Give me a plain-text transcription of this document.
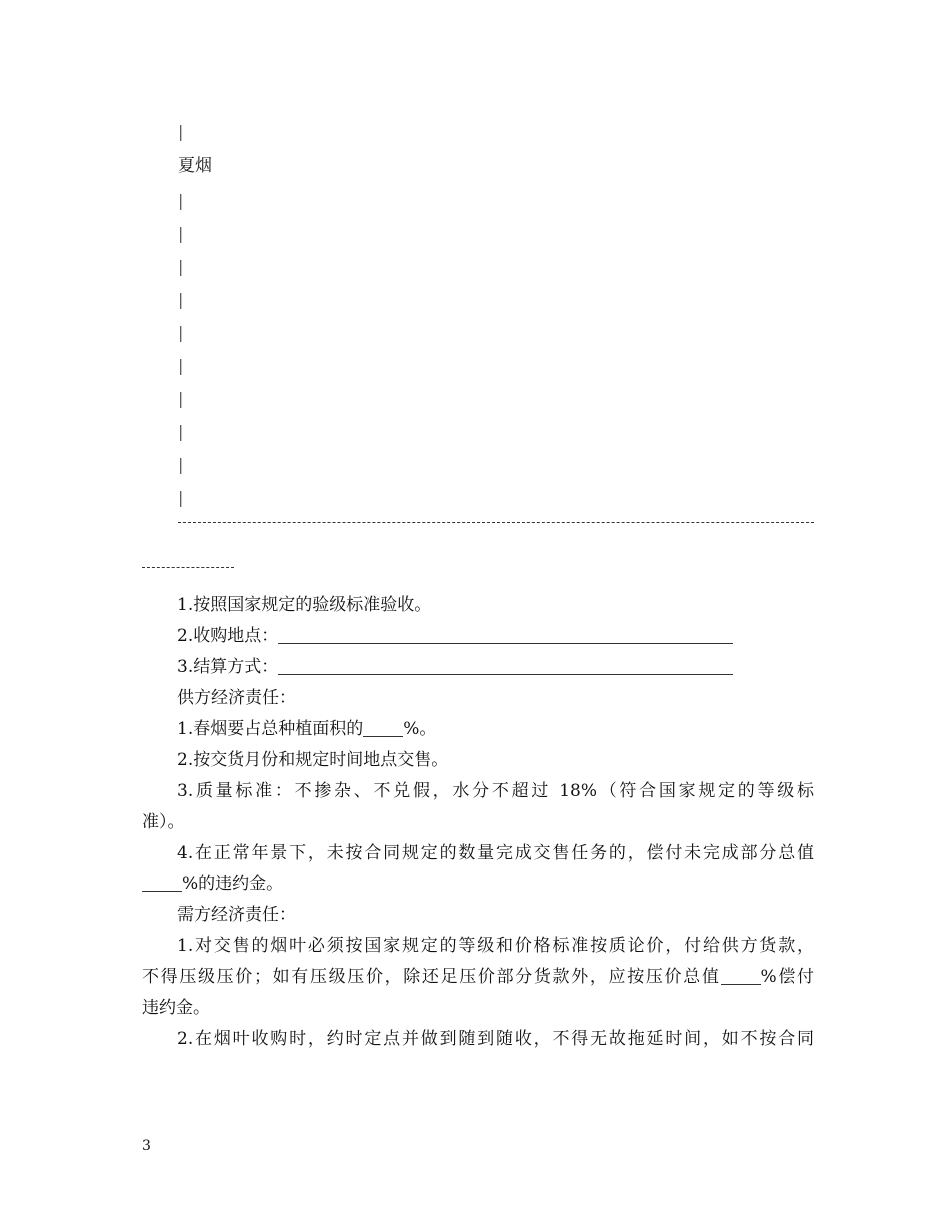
|
夏烟
|
|
|
|
|
|
|
|
|
|

1.按照国家规定的验级标准验收。

2.收购地点：

3.结算方式：

供方经济责任：

1.春烟要占总种植面积的 %。

2.按交货月份和规定时间地点交售。

3.质量标准：不掺杂、不兑假，水分不超过 18%（符合国家规定的等级标

准）。

4.在正常年景下，未按合同规定的数量完成交售任务的，偿付未完成部分总值

%的违约金。

需方经济责任：

1.对交售的烟叶必须按国家规定的等级和价格标准按质论价，付给供方货款，

不得压级压价；如有压级压价，除还足压价部分货款外，应按压价总值 %偿付

违约金。

2.在烟叶收购时，约时定点并做到随到随收，不得无故拖延时间，如不按合同

3
